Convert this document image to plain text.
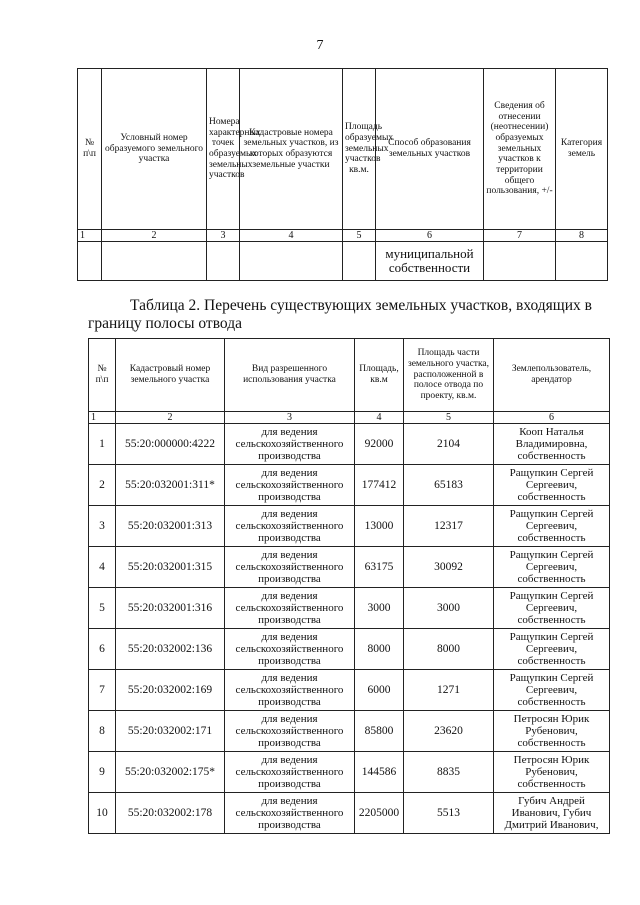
7
№ п\п	Условный номер образуемого земельного участка	Номера характерных точек образуемых земельных участков	Кадастровые номера земельных участков, из которых образуются земельные участки	Площадь образуемых земельных участков кв.м.	Способ образования земельных участков	Сведения об отнесении (неотнесении) образуемых земельных участков к территории общего пользования, +/-	Категория земель
1	2	3	4	5	6	7	8
					муниципальной собственности		
Таблица 2. Перечень существующих земельных участков, входящих в
границу полосы отвода
№ п\п	Кадастровый номер земельного участка	Вид разрешенного использования участка	Площадь, кв.м	Площадь части земельного участка, расположенной в полосе отвода по проекту, кв.м.	Землепользователь, арендатор
1	2	3	4	5	6
1	55:20:000000:4222	для ведения сельскохозяйственного производства	92000	2104	Кооп Наталья Владимировна, собственность
2	55:20:032001:311*	для ведения сельскохозяйственного производства	177412	65183	Ращупкин Сергей Сергеевич, собственность
3	55:20:032001:313	для ведения сельскохозяйственного производства	13000	12317	Ращупкин Сергей Сергеевич, собственность
4	55:20:032001:315	для ведения сельскохозяйственного производства	63175	30092	Ращупкин Сергей Сергеевич, собственность
5	55:20:032001:316	для ведения сельскохозяйственного производства	3000	3000	Ращупкин Сергей Сергеевич, собственность
6	55:20:032002:136	для ведения сельскохозяйственного производства	8000	8000	Ращупкин Сергей Сергеевич, собственность
7	55:20:032002:169	для ведения сельскохозяйственного производства	6000	1271	Ращупкин Сергей Сергеевич, собственность
8	55:20:032002:171	для ведения сельскохозяйственного производства	85800	23620	Петросян Юрик Рубенович, собственность
9	55:20:032002:175*	для ведения сельскохозяйственного производства	144586	8835	Петросян Юрик Рубенович, собственность
10	55:20:032002:178	для ведения сельскохозяйственного производства	2205000	5513	Губич Андрей Иванович, Губич Дмитрий Иванович,
